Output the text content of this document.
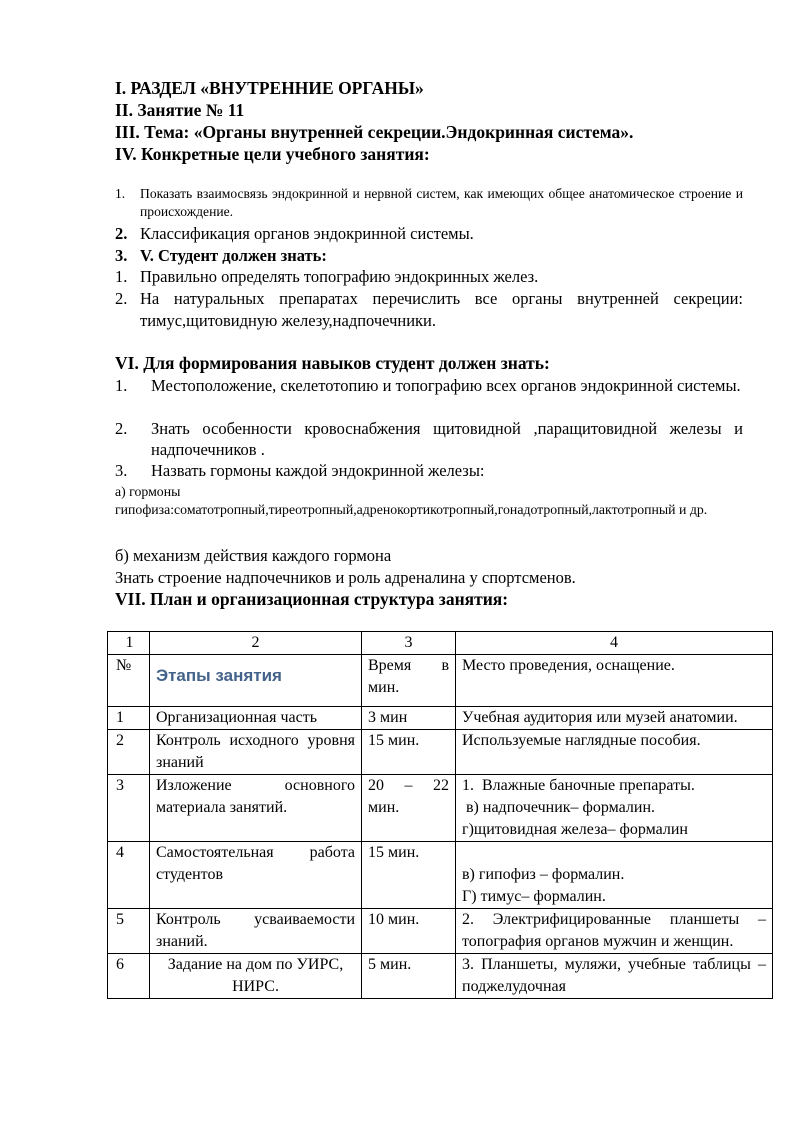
I. РАЗДЕЛ «ВНУТРЕННИЕ ОРГАНЫ»
II. Занятие № 11
III. Тема: «Органы внутренней секреции.Эндокринная система».
IV. Конкретные цели учебного занятия:
1. Показать взаимосвязь эндокринной и нервной систем, как имеющих общее анатомическое строение и происхождение.
2. Классификация органов эндокринной системы.
3. V. Студент должен знать:
1. Правильно определять топографию эндокринных желез.
2. На натуральных препаратах перечислить все органы внутренней секреции: тимус,щитовидную железу,надпочечники.
VI. Для формирования навыков студент должен знать:
1. Местоположение, скелетотопию и топографию всех органов эндокринной системы.
2. Знать особенности кровоснабжения щитовидной ,паращитовидной железы и надпочечников .
3. Назвать гормоны каждой эндокринной железы:
а) гормоны
гипофиза:соматотропный,тиреотропный,адренокортикотропный,гонадотропный,лактотропный и др.
б) механизм действия каждого гормона
Знать строение надпочечников и роль адреналина у спортсменов.
VII. План и организационная структура занятия:
1	2	3	4
№	Этапы занятия	Время в мин.	Место проведения, оснащение.
1	Организационная часть	3 мин	Учебная аудитория или музей анатомии.
2	Контроль исходного уровня знаний	15 мин.	Используемые наглядные пособия.
3	Изложение основного материала занятий.	20 – 22 мин.	1.  Влажные баночные препараты.
в) надпочечник– формалин.
г)щитовидная железа– формалин

4	Самостоятельная работа студентов	15 мин.	в) гипофиз – формалин.
Г) тимус– формалин.

5	Контроль усваиваемости знаний.	10 мин.	2. Электрифицированные планшеты – топография органов мужчин и женщин.
6	Задание на дом по УИРС, НИРС.	5 мин.	3. Планшеты, муляжи, учебные таблицы –поджелудочная
